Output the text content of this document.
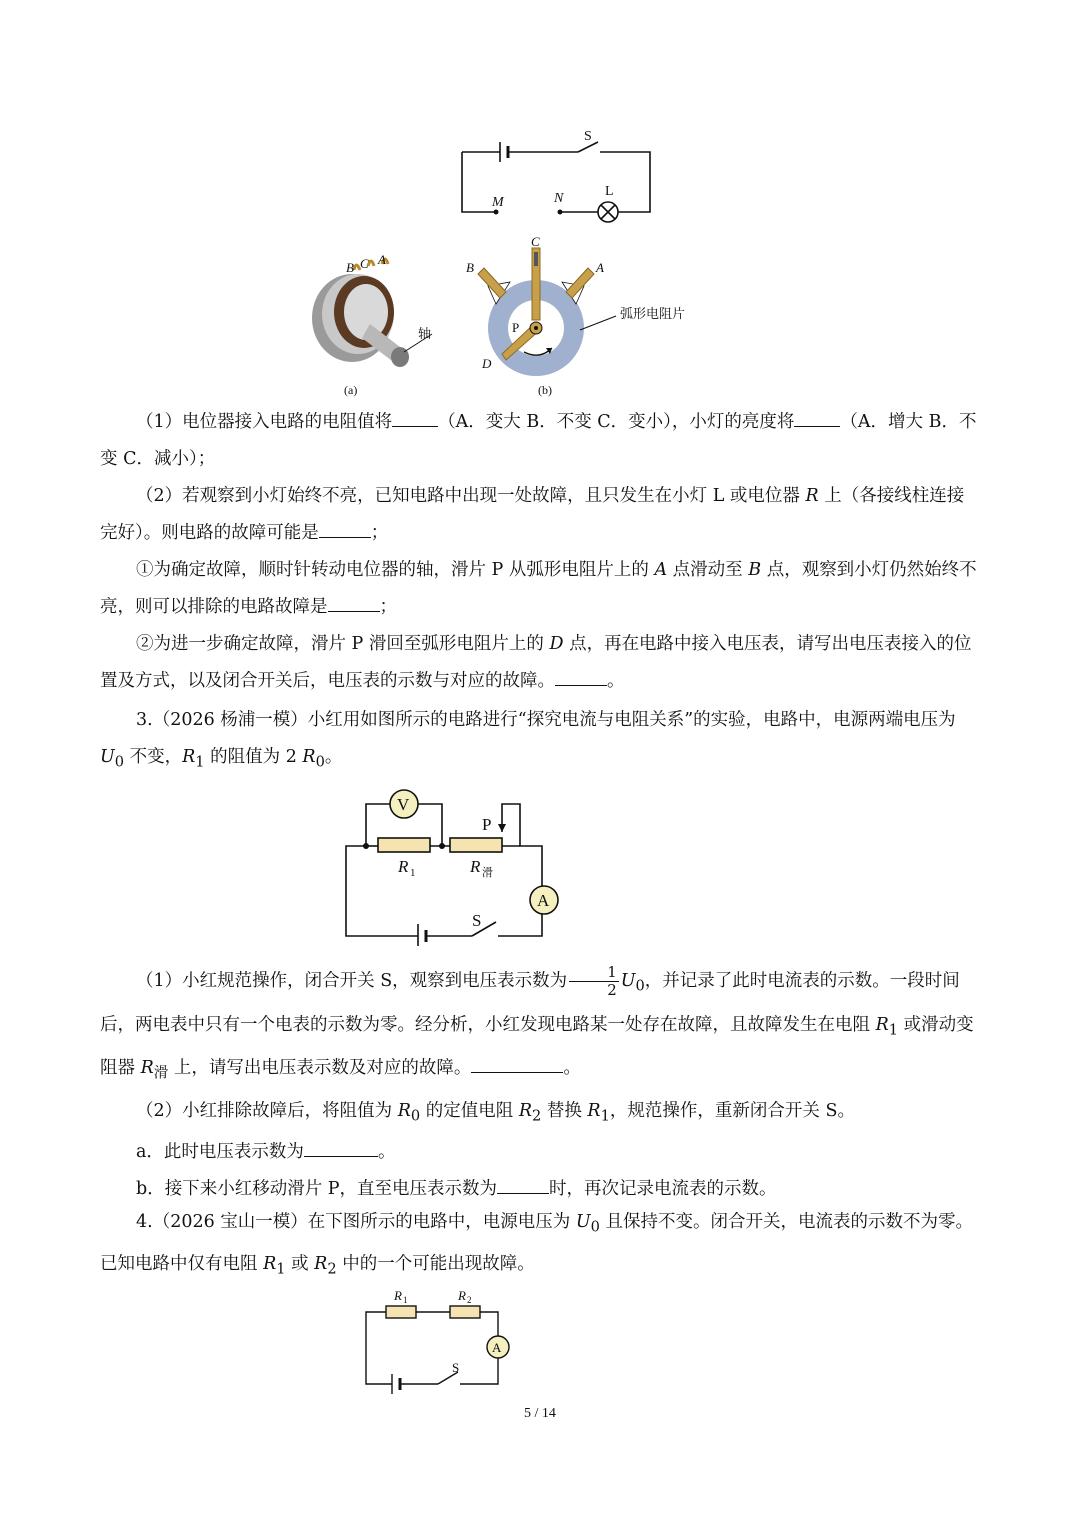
S
M	N	L
B C A
轴
(a)
C
B	A
P
D
弧形电阻片
(b)

（1）电位器接入电路的电阻值将	（A．变大 B．不变 C．变小），小灯的亮度将	（A．增大 B．不变 C．减小）；

（2）若观察到小灯始终不亮，已知电路中出现一处故障，且只发生在小灯 L 或电位器 R 上（各接线柱连接完好）。则电路的故障可能是	；

①为确定故障，顺时针转动电位器的轴，滑片 P 从弧形电阻片上的 A 点滑动至 B 点，观察到小灯仍然始终不亮，则可以排除的电路故障是	；

②为进一步确定故障，滑片 P 滑回至弧形电阻片上的 D 点，再在电路中接入电压表，请写出电压表接入的位置及方式，以及闭合开关后，电压表的示数与对应的故障。	。

3.（2026 杨浦一模）小红用如图所示的电路进行“探究电流与电阻关系”的实验，电路中，电源两端电压为 $U_0$ 不变，$R_1$ 的阻值为 2 $R_0$。

V
P
R 1	R 滑
A
S

（1）小红规范操作，闭合开关 S，观察到电压表示数为 $\frac{1}{2} U_0$，并记录了此时电流表的示数。一段时间后，两电表中只有一个电表的示数为零。经分析，小红发现电路某一处存在故障，且故障发生在电阻 $R_1$ 或滑动变阻器 $R_滑$ 上，请写出电压表示数及对应的故障。	。

（2）小红排除故障后，将阻值为 $R_0$ 的定值电阻 $R_2$ 替换 $R_1$，规范操作，重新闭合开关 S。

a．此时电压表示数为	。

b．接下来小红移动滑片 P，直至电压表示数为	时，再次记录电流表的示数。

4.（2026 宝山一模）在下图所示的电路中，电源电压为 $U_0$ 且保持不变。闭合开关，电流表的示数不为零。已知电路中仅有电阻 $R_1$ 或 $R_2$ 中的一个可能出现故障。

R 1	R 2
A
S
5 / 14
